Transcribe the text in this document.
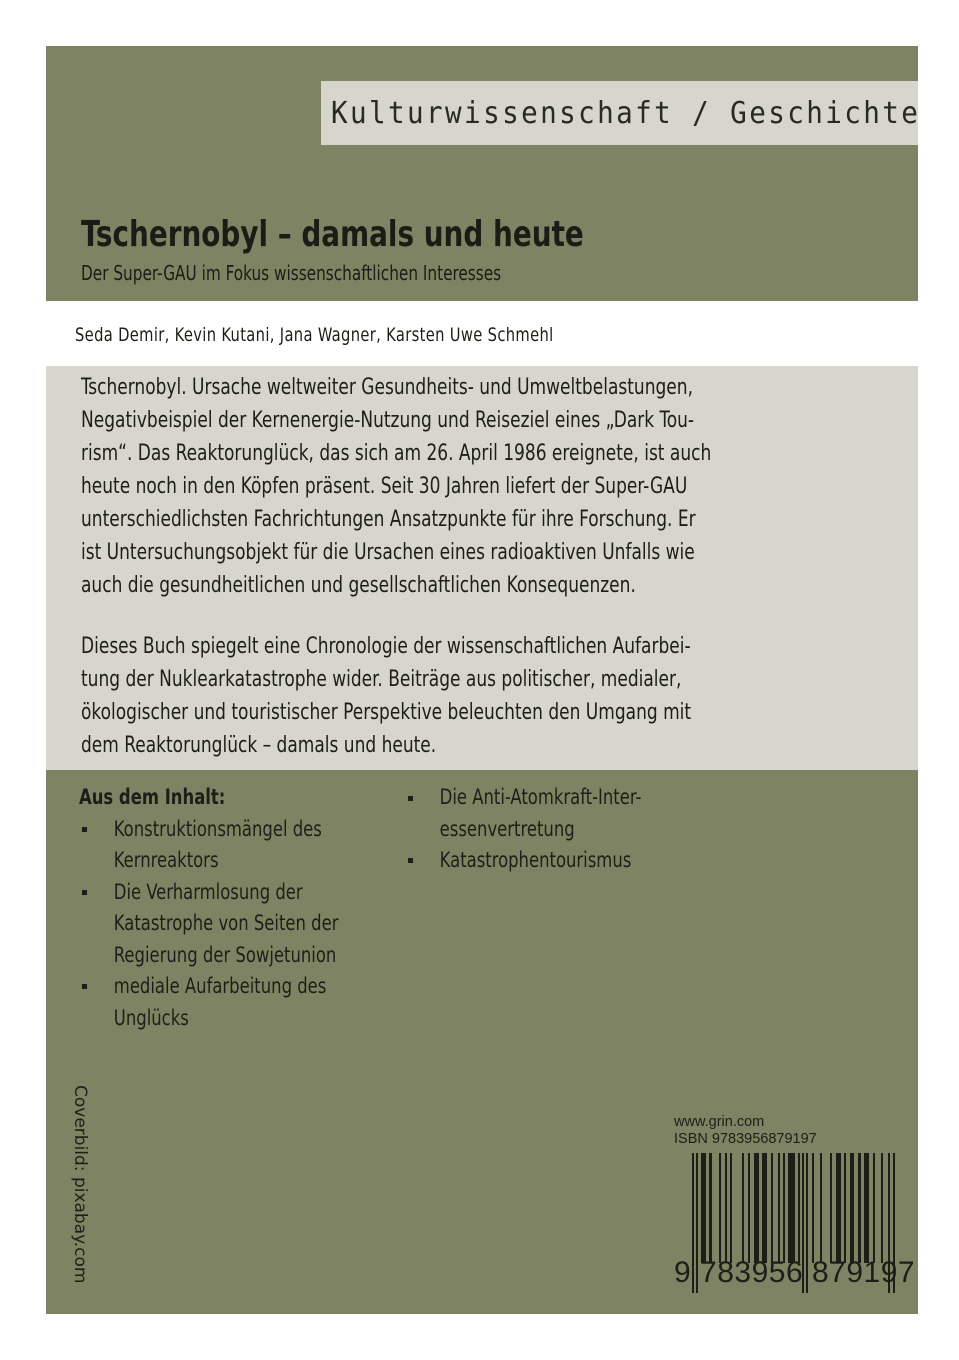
Kulturwissenschaft / Geschichte
Tschernobyl – damals und heute
Der Super-GAU im Fokus wissenschaftlichen Interesses
Seda Demir, Kevin Kutani, Jana Wagner, Karsten Uwe Schmehl
Tschernobyl. Ursache weltweiter Gesundheits- und Umweltbelastungen,
Negativbeispiel der Kernenergie-Nutzung und Reiseziel eines „Dark Tou-
rism“. Das Reaktorunglück, das sich am 26. April 1986 ereignete, ist auch
heute noch in den Köpfen präsent. Seit 30 Jahren liefert der Super-GAU
unterschiedlichsten Fachrichtungen Ansatzpunkte für ihre Forschung. Er
ist Untersuchungsobjekt für die Ursachen eines radioaktiven Unfalls wie
auch die gesundheitlichen und gesellschaftlichen Konsequenzen.
Dieses Buch spiegelt eine Chronologie der wissenschaftlichen Aufarbei-
tung der Nuklearkatastrophe wider. Beiträge aus politischer, medialer,
ökologischer und touristischer Perspektive beleuchten den Umgang mit
dem Reaktorunglück – damals und heute.
Aus dem Inhalt:
Konstruktionsmängel des
Kernreaktors
Die Verharmlosung der
Katastrophe von Seiten der
Regierung der Sowjetunion
mediale Aufarbeitung des
Unglücks
Die Anti-Atomkraft-Inter-
essenvertretung
Katastrophentourismus
Coverbild: pixabay.com	www.grin.com
ISBN 9783956879197
9 783956 879197
